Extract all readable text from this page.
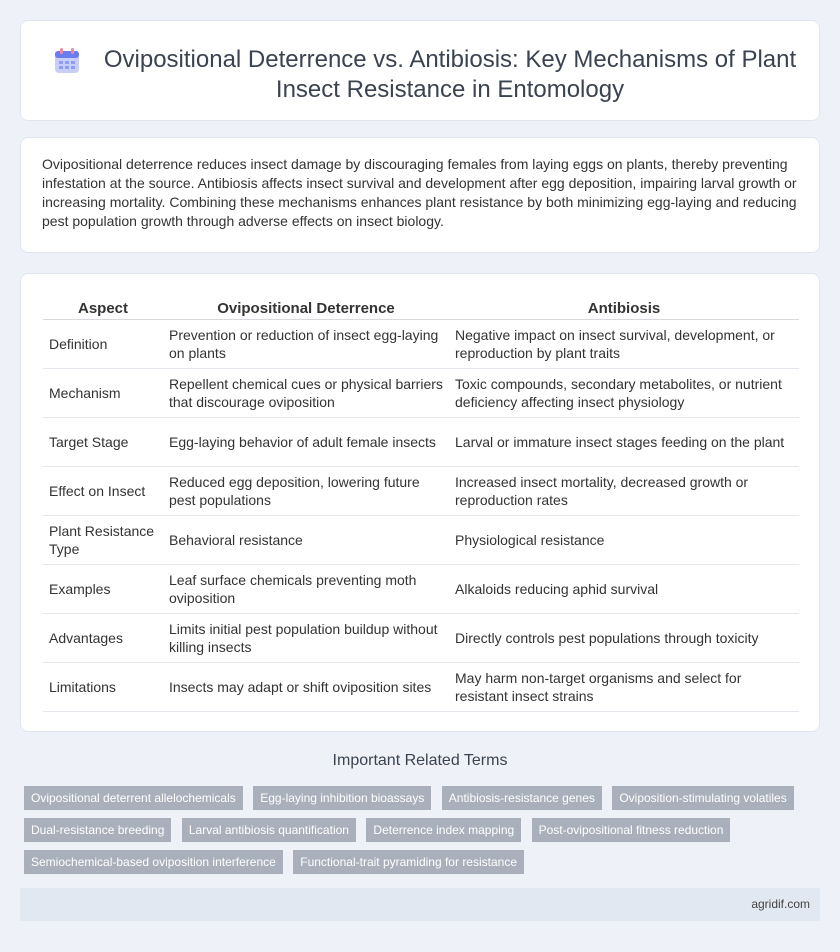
Ovipositional Deterrence vs. Antibiosis: Key Mechanisms of Plant Insect Resistance in Entomology
Ovipositional deterrence reduces insect damage by discouraging females from laying eggs on plants, thereby preventing infestation at the source. Antibiosis affects insect survival and development after egg deposition, impairing larval growth or increasing mortality. Combining these mechanisms enhances plant resistance by both minimizing egg-laying and reducing pest population growth through adverse effects on insect biology.
Aspect	Ovipositional Deterrence	Antibiosis
Definition	Prevention or reduction of insect egg-laying on plants	Negative impact on insect survival, development, or reproduction by plant traits
Mechanism	Repellent chemical cues or physical barriers that discourage oviposition	Toxic compounds, secondary metabolites, or nutrient deficiency affecting insect physiology
Target Stage	Egg-laying behavior of adult female insects	Larval or immature insect stages feeding on the plant
Effect on Insect	Reduced egg deposition, lowering future pest populations	Increased insect mortality, decreased growth or reproduction rates
Plant Resistance Type	Behavioral resistance	Physiological resistance
Examples	Leaf surface chemicals preventing moth oviposition	Alkaloids reducing aphid survival
Advantages	Limits initial pest population buildup without killing insects	Directly controls pest populations through toxicity
Limitations	Insects may adapt or shift oviposition sites	May harm non-target organisms and select for resistant insect strains
Important Related Terms
Ovipositional deterrent allelochemicals Egg-laying inhibition bioassays Antibiosis-resistance genes Oviposition-stimulating volatiles Dual-resistance breeding Larval antibiosis quantification Deterrence index mapping Post-ovipositional fitness reduction Semiochemical-based oviposition interference Functional-trait pyramiding for resistance
agridif.com
